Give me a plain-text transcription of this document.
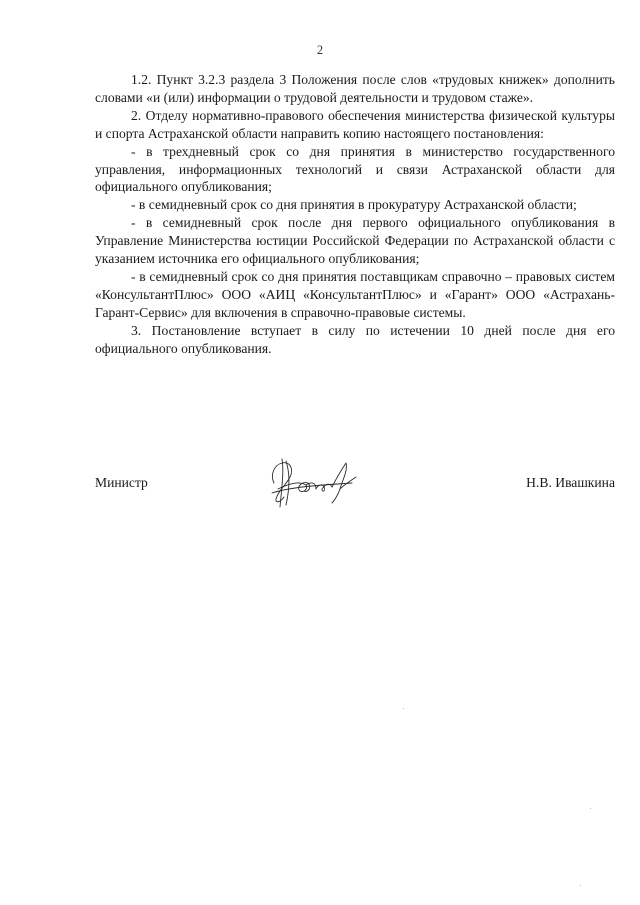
2

1.2. Пункт 3.2.3 раздела 3 Положения после слов «трудовых книжек» дополнить словами «и (или) информации о трудовой деятельности и трудовом стаже».

2. Отделу нормативно-правового обеспечения министерства физической культуры и спорта Астраханской области направить копию настоящего постановления:

- в трехдневный срок со дня принятия в министерство государственного управления, информационных технологий и связи Астраханской области для официального опубликования;

- в семидневный срок со дня принятия в прокуратуру Астраханской области;

- в семидневный срок после дня первого официального опубликования в Управление Министерства юстиции Российской Федерации по Астраханской области с указанием источника его официального опубликования;

- в семидневный срок со дня принятия поставщикам справочно – правовых систем «КонсультантПлюс» ООО «АИЦ «КонсультантПлюс» и «Гарант» ООО «Астрахань-Гарант-Сервис» для включения в справочно-правовые системы.

3. Постановление вступает в силу по истечении 10 дней после дня его официального опубликования.

Министр	Н.В. Ивашкина
